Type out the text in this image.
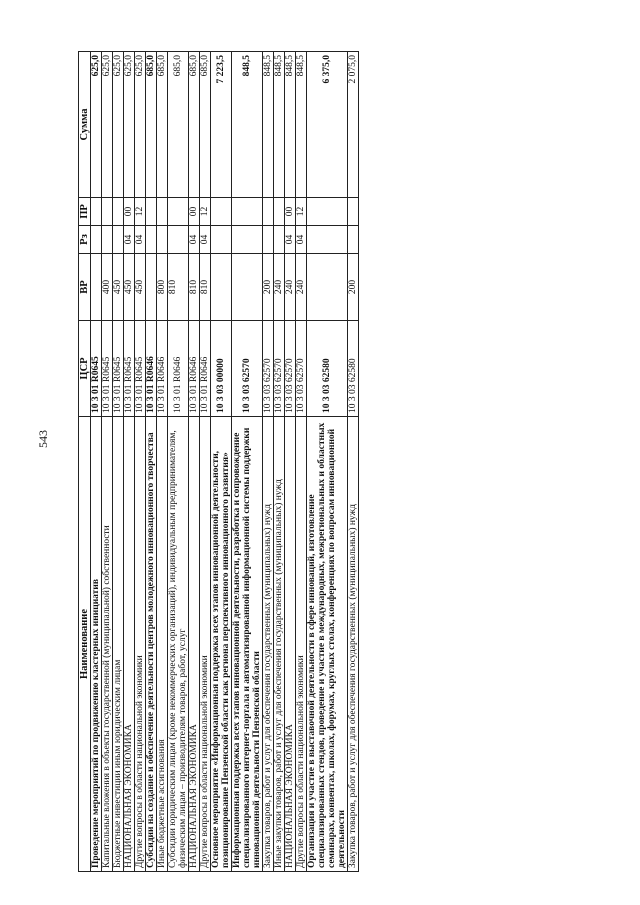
543
Наименование	ЦСР	ВР	Рз	ПР	Сумма
Проведение мероприятий по продвижению кластерных инициатив	10 3 01 R0645				625,0
Капитальные вложения в объекты государственной (муниципальной) собственности	10 3 01 R0645	400			625,0
Бюджетные инвестиции иным юридическим лицам	10 3 01 R0645	450			625,0
НАЦИОНАЛЬНАЯ ЭКОНОМИКА	10 3 01 R0645	450	04	00	625,0
Другие вопросы в области национальной экономики	10 3 01 R0645	450	04	12	625,0
Субсидии на создание и обеспечение деятельности центров молодежного инновационного творчества	10 3 01 R0646				685,0
Иные бюджетные ассигнования	10 3 01 R0646	800			685,0
Субсидии юридическим лицам (кроме некоммерческих организаций), индивидуальным предпринимателям, физическим лицам – производителям товаров, работ, услуг	10 3 01 R0646	810			685,0
НАЦИОНАЛЬНАЯ ЭКОНОМИКА	10 3 01 R0646	810	04	00	685,0
Другие вопросы в области национальной экономики	10 3 01 R0646	810	04	12	685,0
Основное мероприятие «Информационная поддержка всех этапов инновационной деятельности, позиционирование Пензенской области как региона перспективного инновационного развития»	10 3 03 00000				7 223,5
Информационная поддержка всех этапов инновационной деятельности, разработка и сопровождение специализированного интернет-портала и автоматизированной информационной системы поддержки инновационной деятельности Пензенской области	10 3 03 62570				848,5
Закупка товаров, работ и услуг для обеспечения государственных (муниципальных) нужд	10 3 03 62570	200			848,5
Иные закупки товаров, работ и услуг для обеспечения государственных (муниципальных) нужд	10 3 03 62570	240			848,5
НАЦИОНАЛЬНАЯ ЭКОНОМИКА	10 3 03 62570	240	04	00	848,5
Другие вопросы в области национальной экономики	10 3 03 62570	240	04	12	848,5
Организация и участие в выставочной деятельности в сфере инноваций, изготовление специализированных стендов, проведение и участие в международных, межрегиональных и областных семинарах, конвентах, школах, форумах, круглых столах, конференциях по вопросам инновационной деятельности	10 3 03 62580				6 375,0
Закупка товаров, работ и услуг для обеспечения государственных (муниципальных) нужд	10 3 03 62580	200			2 075,0
